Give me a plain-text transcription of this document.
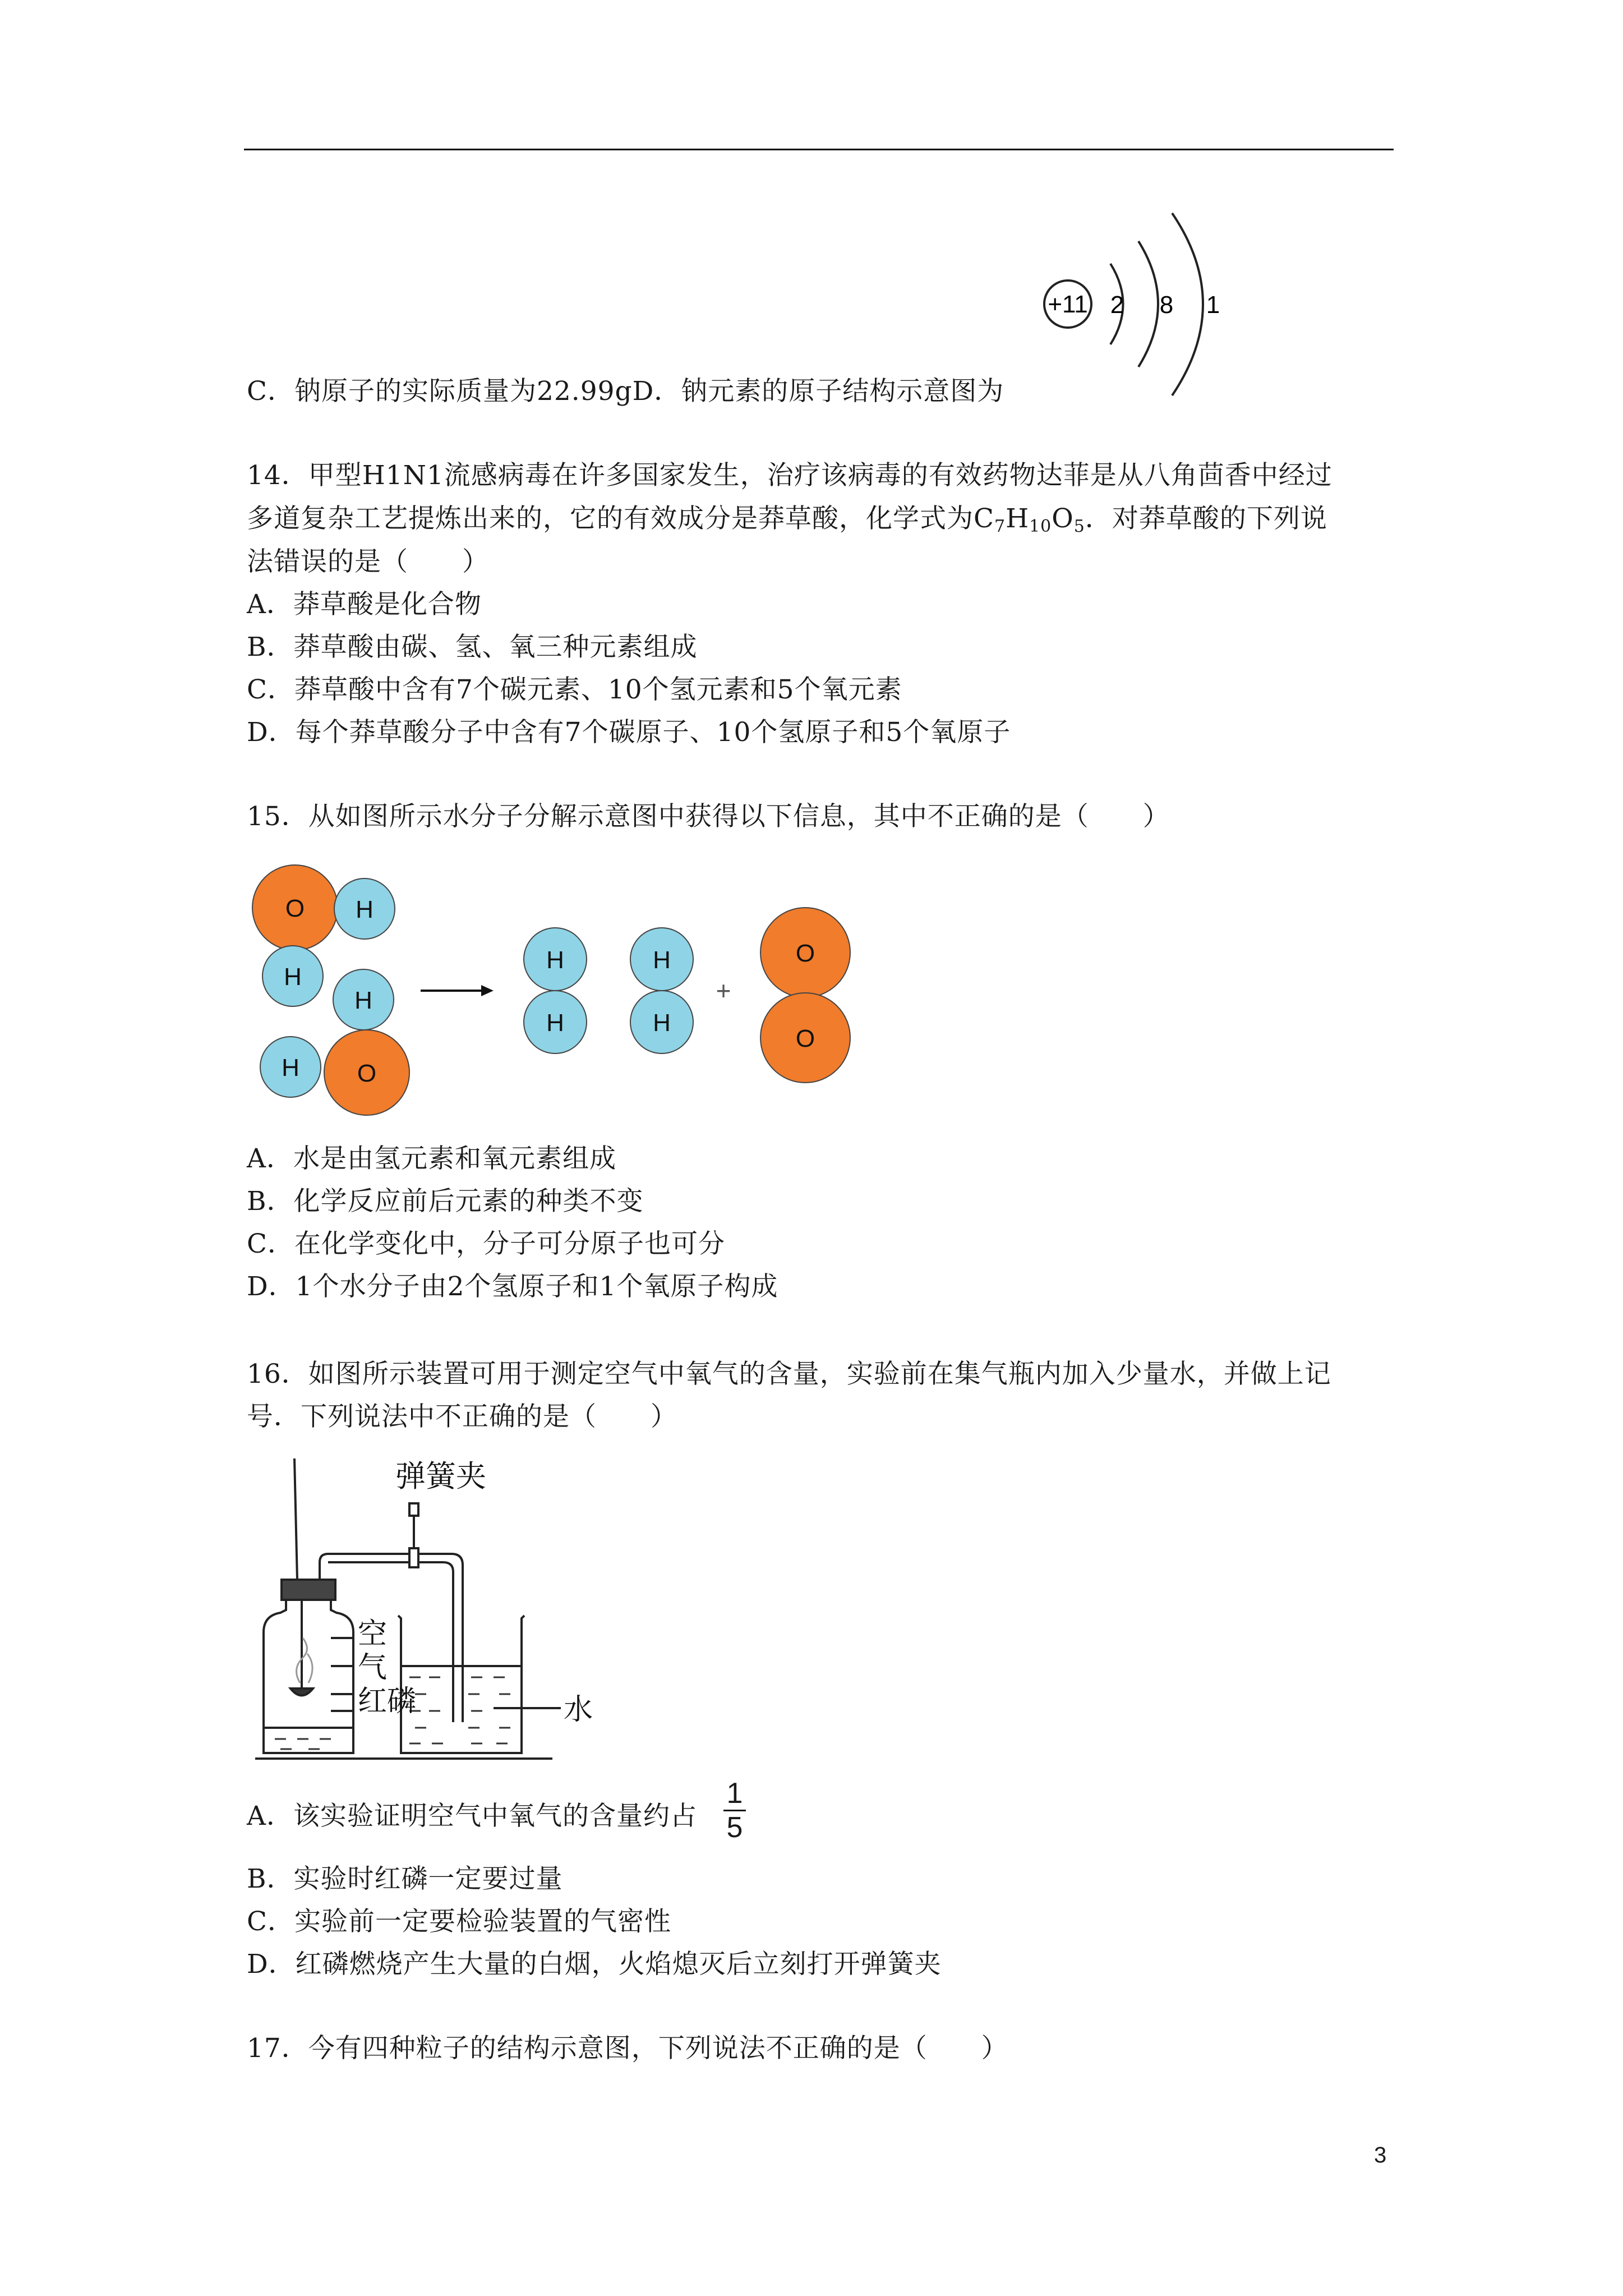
+11 2 8 1
C．钠原子的实际质量为22.99gD．钠元素的原子结构示意图为
14．甲型H1N1流感病毒在许多国家发生，治疗该病毒的有效药物达菲是从八角茴香中经过
多道复杂工艺提炼出来的，它的有效成分是莽草酸，化学式为$C_7H_{10}O_5$．对莽草酸的下列说
法错误的是（　　）
A．莽草酸是化合物
B．莽草酸由碳、氢、氧三种元素组成
C．莽草酸中含有7个碳元素、10个氢元素和5个氧元素
D．每个莽草酸分子中含有7个碳原子、10个氢原子和5个氧原子
15．从如图所示水分子分解示意图中获得以下信息，其中不正确的是（　　）
O H
H
H
H O
H
H
H
H
O
O
+
A．水是由氢元素和氧元素组成
B．化学反应前后元素的种类不变
C．在化学变化中，分子可分原子也可分
D．1个水分子由2个氢原子和1个氧原子构成
16．如图所示装置可用于测定空气中氧气的含量，实验前在集气瓶内加入少量水，并做上记
号．下列说法中不正确的是（　　）
弹簧夹
空
气
红磷	水
A．该实验证明空气中氧气的含量约占 $\frac{1}{5}$
B．实验时红磷一定要过量
C．实验前一定要检验装置的气密性
D．红磷燃烧产生大量的白烟，火焰熄灭后立刻打开弹簧夹
17．今有四种粒子的结构示意图，下列说法不正确的是（　　）
3
